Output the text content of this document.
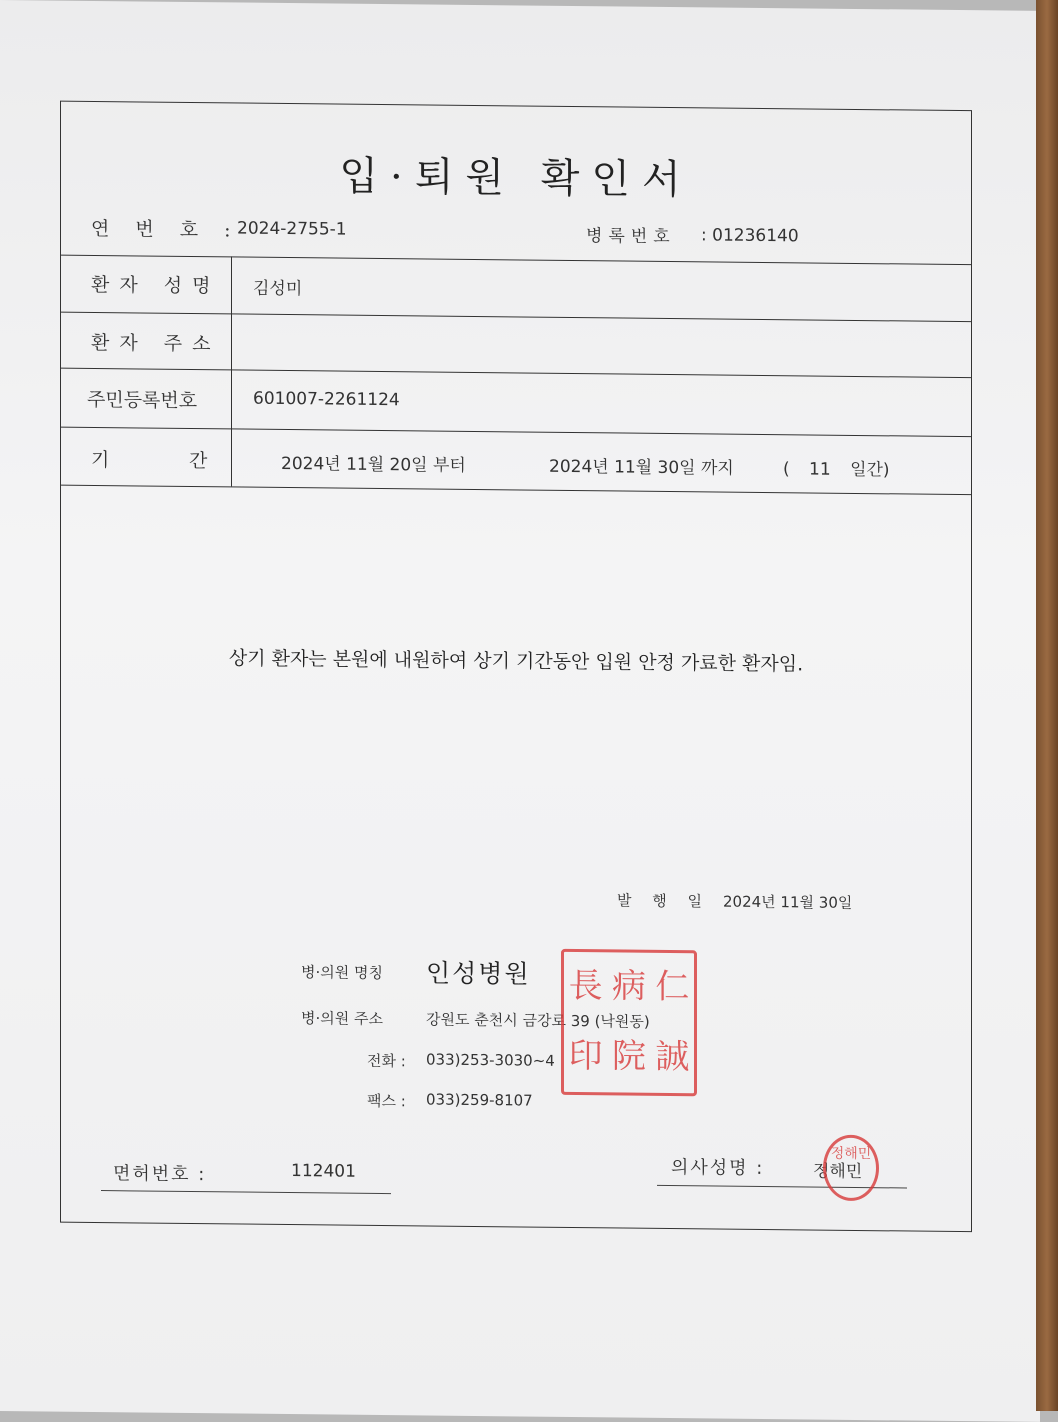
입·퇴원 확인서
연 번 호 :
2024-2755-1	병록번호 : 01236140
환자 성명 김성미
환자 주소
주민등록번호	601007-2261124
기	간	2024년 11월 20일 부터	2024년 11월 30일 까지	( 11 일간)
상기 환자는 본원에 내원하여 상기 기간동안 입원 안정 가료한 환자임.
발 행 일 2024년 11월 30일
병·의원 명칭 인성병원
병·의원 주소	강원도 춘천시 금강로 39 (낙원동)
전화 : 033)253-3030~4
팩스 : 033)259-8107
長 病 仁
印 院 誠
면허번호 :	112401	의사성명 :	정해민
정해민
